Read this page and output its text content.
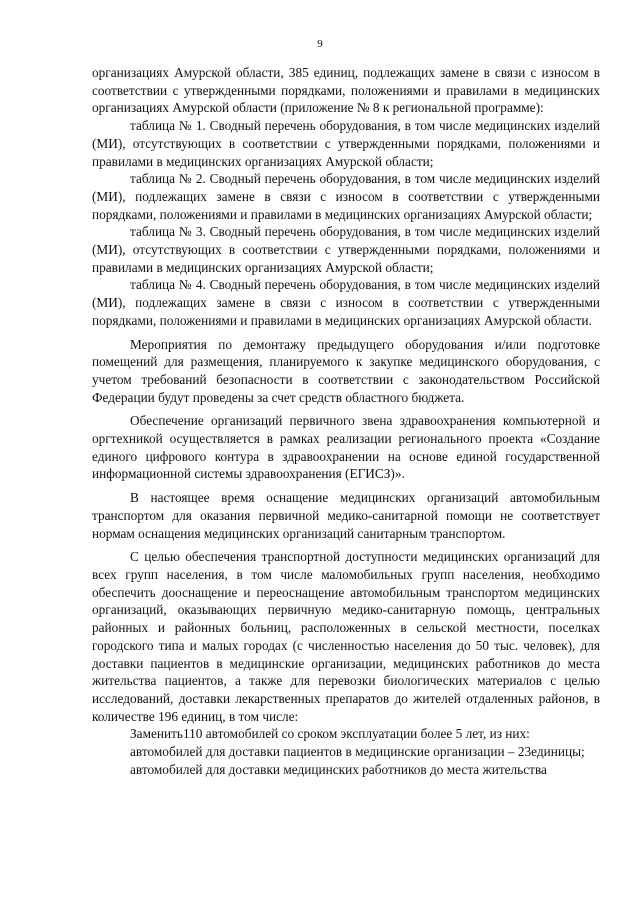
9

организациях Амурской области, 385 единиц, подлежащих замене в связи с износом в соответствии с утвержденными порядками, положениями и правилами в медицинских организациях Амурской области (приложение № 8 к региональной программе):

таблица № 1. Сводный перечень оборудования, в том числе медицинских изделий (МИ), отсутствующих в соответствии с утвержденными порядками, положениями и правилами в медицинских организациях Амурской области;

таблица № 2. Сводный перечень оборудования, в том числе медицинских изделий (МИ), подлежащих замене в связи с износом в соответствии с утвержденными порядками, положениями и правилами в медицинских организациях Амурской области;

таблица № 3. Сводный перечень оборудования, в том числе медицинских изделий (МИ), отсутствующих в соответствии с утвержденными порядками, положениями и правилами в медицинских организациях Амурской области;

таблица № 4. Сводный перечень оборудования, в том числе медицинских изделий (МИ), подлежащих замене в связи с износом в соответствии с утвержденными порядками, положениями и правилами в медицинских организациях Амурской области.

Мероприятия по демонтажу предыдущего оборудования и/или подготовке помещений для размещения, планируемого к закупке медицинского оборудования, с учетом требований безопасности в соответствии с законодательством Российской Федерации будут проведены за счет средств областного бюджета.

Обеспечение организаций первичного звена здравоохранения компьютерной и оргтехникой осуществляется в рамках реализации регионального проекта «Создание единого цифрового контура в здравоохранении на основе единой государственной информационной системы здравоохранения (ЕГИСЗ)».

В настоящее время оснащение медицинских организаций автомобильным транспортом для оказания первичной медико-санитарной помощи не соответствует нормам оснащения медицинских организаций санитарным транспортом.

С целью обеспечения транспортной доступности медицинских организаций для всех групп населения, в том числе маломобильных групп населения, необходимо обеспечить дооснащение и переоснащение автомобильным транспортом медицинских организаций, оказывающих первичную медико-санитарную помощь, центральных районных и районных больниц, расположенных в сельской местности, поселках городского типа и малых городах (с численностью населения до 50 тыс. человек), для доставки пациентов в медицинские организации, медицинских работников до места жительства пациентов, а также для перевозки биологических материалов с целью исследований, доставки лекарственных препаратов до жителей отдаленных районов, в количестве 196 единиц, в том числе:

Заменить110 автомобилей со сроком эксплуатации более 5 лет, из них:

автомобилей для доставки пациентов в медицинские организации – 23единицы;

автомобилей для доставки медицинских работников до места жительства
